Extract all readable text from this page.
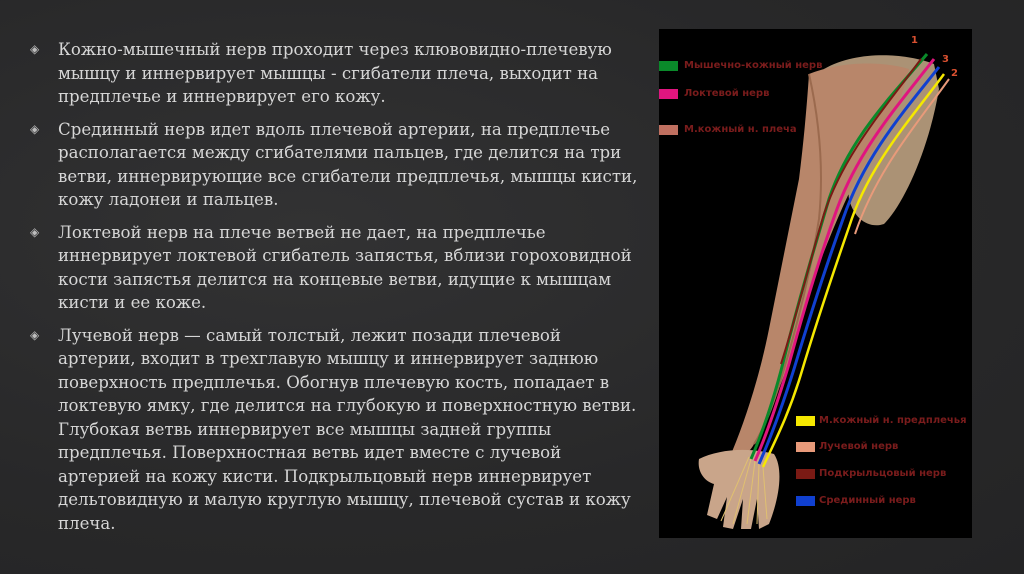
◈ Кожно-мышечный нерв проходит через клювовидно-плечевую мышцу и иннервирует мышцы - сгибатели плеча, выходит на предплечье и иннервирует его кожу.
◈ Срединный нерв идет вдоль плечевой артерии, на предплечье располагается между сгибателями пальцев, где делится на три ветви, иннервирующие все сгибатели предплечья, мышцы кисти, кожу ладонеи и пальцев.
◈ Локтевой нерв на плече ветвей не дает, на предплечье иннервирует локтевой сгибатель запястья, вблизи гороховидной кости запястья делится на концевые ветви, идущие к мышцам кисти и ее коже.
◈ Лучевой нерв — самый толстый, лежит позади плечевой артерии, входит в трехглавую мышцу и иннервирует заднюю поверхность предплечья. Обогнув плечевую кость, попадает в локтевую ямку, где делится на глубокую и поверхностную ветви. Глубокая ветвь иннервирует все мышцы задней группы предплечья. Поверхностная ветвь идет вместе с лучевой артерией на кожу кисти. Подкрыльцовый нерв иннервирует дельтовидную и малую круглую мышцу, плечевой сустав и кожу плеча.
1
3
2
Мышечно-кожный нерв
Локтевой нерв
М.кожный н. плеча
М.кожный н. предплечья
Лучевой нерв
Подкрыльцовый нерв
Срединный нерв
